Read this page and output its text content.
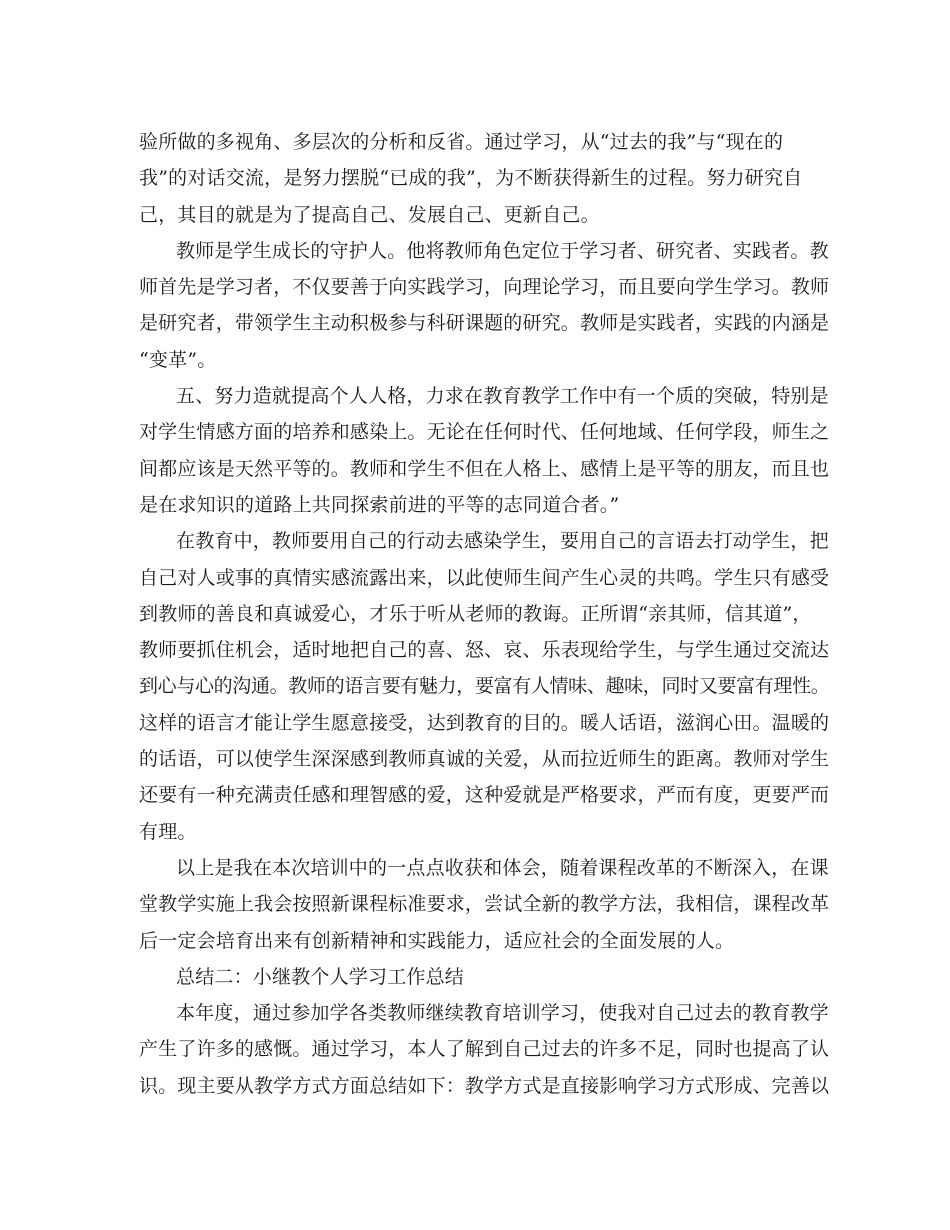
验所做的多视角、多层次的分析和反省。通过学习，从“过去的我”与“现在的
我”的对话交流，是努力摆脱“已成的我”，为不断获得新生的过程。努力研究自
己，其目的就是为了提高自己、发展自己、更新自己。
教师是学生成长的守护人。他将教师角色定位于学习者、研究者、实践者。教
师首先是学习者，不仅要善于向实践学习，向理论学习，而且要向学生学习。教师
是研究者，带领学生主动积极参与科研课题的研究。教师是实践者，实践的内涵是
“变革”。
五、努力造就提高个人人格，力求在教育教学工作中有一个质的突破，特别是
对学生情感方面的培养和感染上。无论在任何时代、任何地域、任何学段，师生之
间都应该是天然平等的。教师和学生不但在人格上、感情上是平等的朋友，而且也
是在求知识的道路上共同探索前进的平等的志同道合者。”
在教育中，教师要用自己的行动去感染学生，要用自己的言语去打动学生，把
自己对人或事的真情实感流露出来，以此使师生间产生心灵的共鸣。学生只有感受
到教师的善良和真诚爱心，才乐于听从老师的教诲。正所谓“亲其师，信其道”，
教师要抓住机会，适时地把自己的喜、怒、哀、乐表现给学生，与学生通过交流达
到心与心的沟通。教师的语言要有魅力，要富有人情味、趣味，同时又要富有理性。
这样的语言才能让学生愿意接受，达到教育的目的。暖人话语，滋润心田。温暖的
的话语，可以使学生深深感到教师真诚的关爱，从而拉近师生的距离。教师对学生
还要有一种充满责任感和理智感的爱，这种爱就是严格要求，严而有度，更要严而
有理。
以上是我在本次培训中的一点点收获和体会，随着课程改革的不断深入，在课
堂教学实施上我会按照新课程标准要求，尝试全新的教学方法，我相信，课程改革
后一定会培育出来有创新精神和实践能力，适应社会的全面发展的人。
总结二：小继教个人学习工作总结
本年度，通过参加学各类教师继续教育培训学习，使我对自己过去的教育教学
产生了许多的感慨。通过学习，本人了解到自己过去的许多不足，同时也提高了认
识。现主要从教学方式方面总结如下：教学方式是直接影响学习方式形成、完善以
